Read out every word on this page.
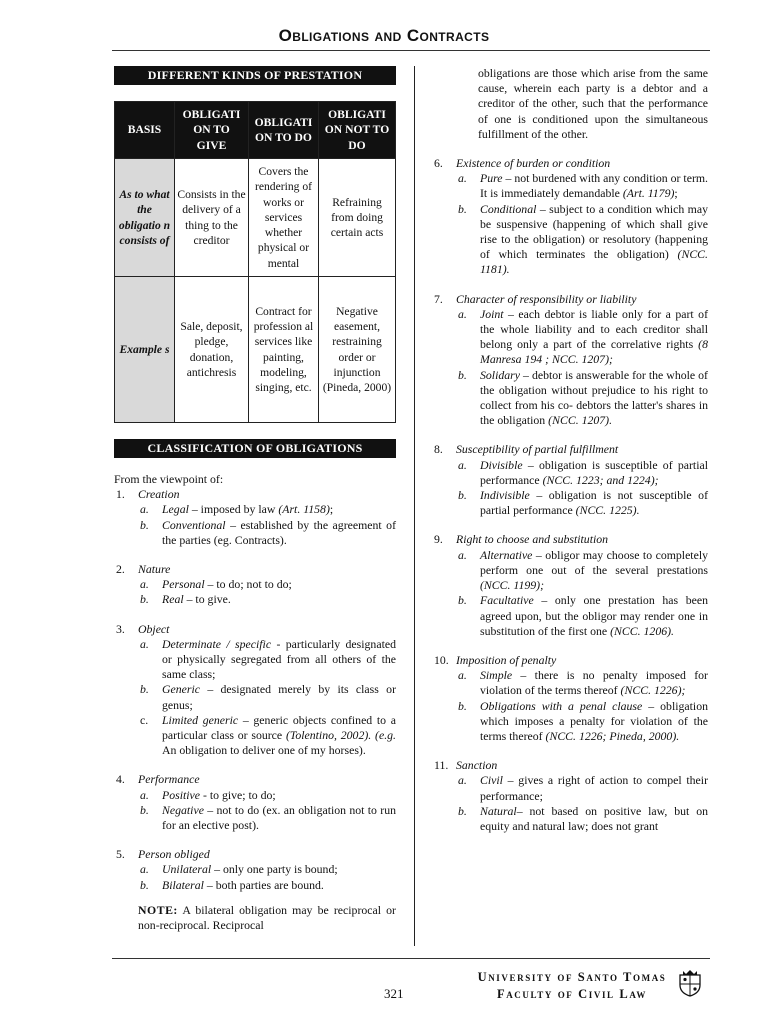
Obligations and Contracts
DIFFERENT KINDS OF PRESTATION
BASIS	OBLIGATI ON TO GIVE	OBLIGATI ON TO DO	OBLIGATI ON NOT TO DO
As to what the obligatio n consists of	Consists in the delivery of a thing to the creditor	Covers the rendering of works or services whether physical or mental	Refraining from doing certain acts
Example s	Sale, deposit, pledge, donation, antichresis	Contract for profession al services like painting, modeling, singing, etc.	Negative easement, restraining order or injunction (Pineda, 2000)
CLASSIFICATION OF OBLIGATIONS
From the viewpoint of:
1. Creation
a. Legal – imposed by law (Art. 1158);
b. Conventional – established by the agreement of the parties (eg. Contracts).
2. Nature
a. Personal – to do; not to do;
b. Real – to give.
3. Object
a. Determinate / specific - particularly designated or physically segregated from all others of the same class;
b. Generic – designated merely by its class or genus;
c. Limited generic – generic objects confined to a particular class or source (Tolentino, 2002). (e.g. An obligation to deliver one of my horses).
4. Performance
a. Positive - to give; to do;
b. Negative – not to do (ex. an obligation not to run for an elective post).
5. Person obliged
a. Unilateral – only one party is bound;
b. Bilateral – both parties are bound.
NOTE: A bilateral obligation may be reciprocal or non-reciprocal. Reciprocal
obligations are those which arise from the same cause, wherein each party is a debtor and a creditor of the other, such that the performance of one is conditioned upon the simultaneous fulfillment of the other.
6. Existence of burden or condition
a. Pure – not burdened with any condition or term. It is immediately demandable (Art. 1179);
b. Conditional – subject to a condition which may be suspensive (happening of which shall give rise to the obligation) or resolutory (happening of which terminates the obligation) (NCC. 1181).
7. Character of responsibility or liability
a. Joint – each debtor is liable only for a part of the whole liability and to each creditor shall belong only a part of the correlative rights (8 Manresa 194 ; NCC. 1207);
b. Solidary – debtor is answerable for the whole of the obligation without prejudice to his right to collect from his co- debtors the latter's shares in the obligation (NCC. 1207).
8. Susceptibility of partial fulfillment
a. Divisible – obligation is susceptible of partial performance (NCC. 1223; and 1224);
b. Indivisible – obligation is not susceptible of partial performance (NCC. 1225).
9. Right to choose and substitution
a. Alternative – obligor may choose to completely perform one out of the several prestations (NCC. 1199);
b. Facultative – only one prestation has been agreed upon, but the obligor may render one in substitution of the first one (NCC. 1206).
10. Imposition of penalty
a. Simple – there is no penalty imposed for violation of the terms thereof (NCC. 1226);
b. Obligations with a penal clause – obligation which imposes a penalty for violation of the terms thereof (NCC. 1226; Pineda, 2000).
11. Sanction
a. Civil – gives a right of action to compel their performance;
b. Natural– not based on positive law, but on equity and natural law; does not grant
321
University of Santo Tomas
Faculty of Civil Law
